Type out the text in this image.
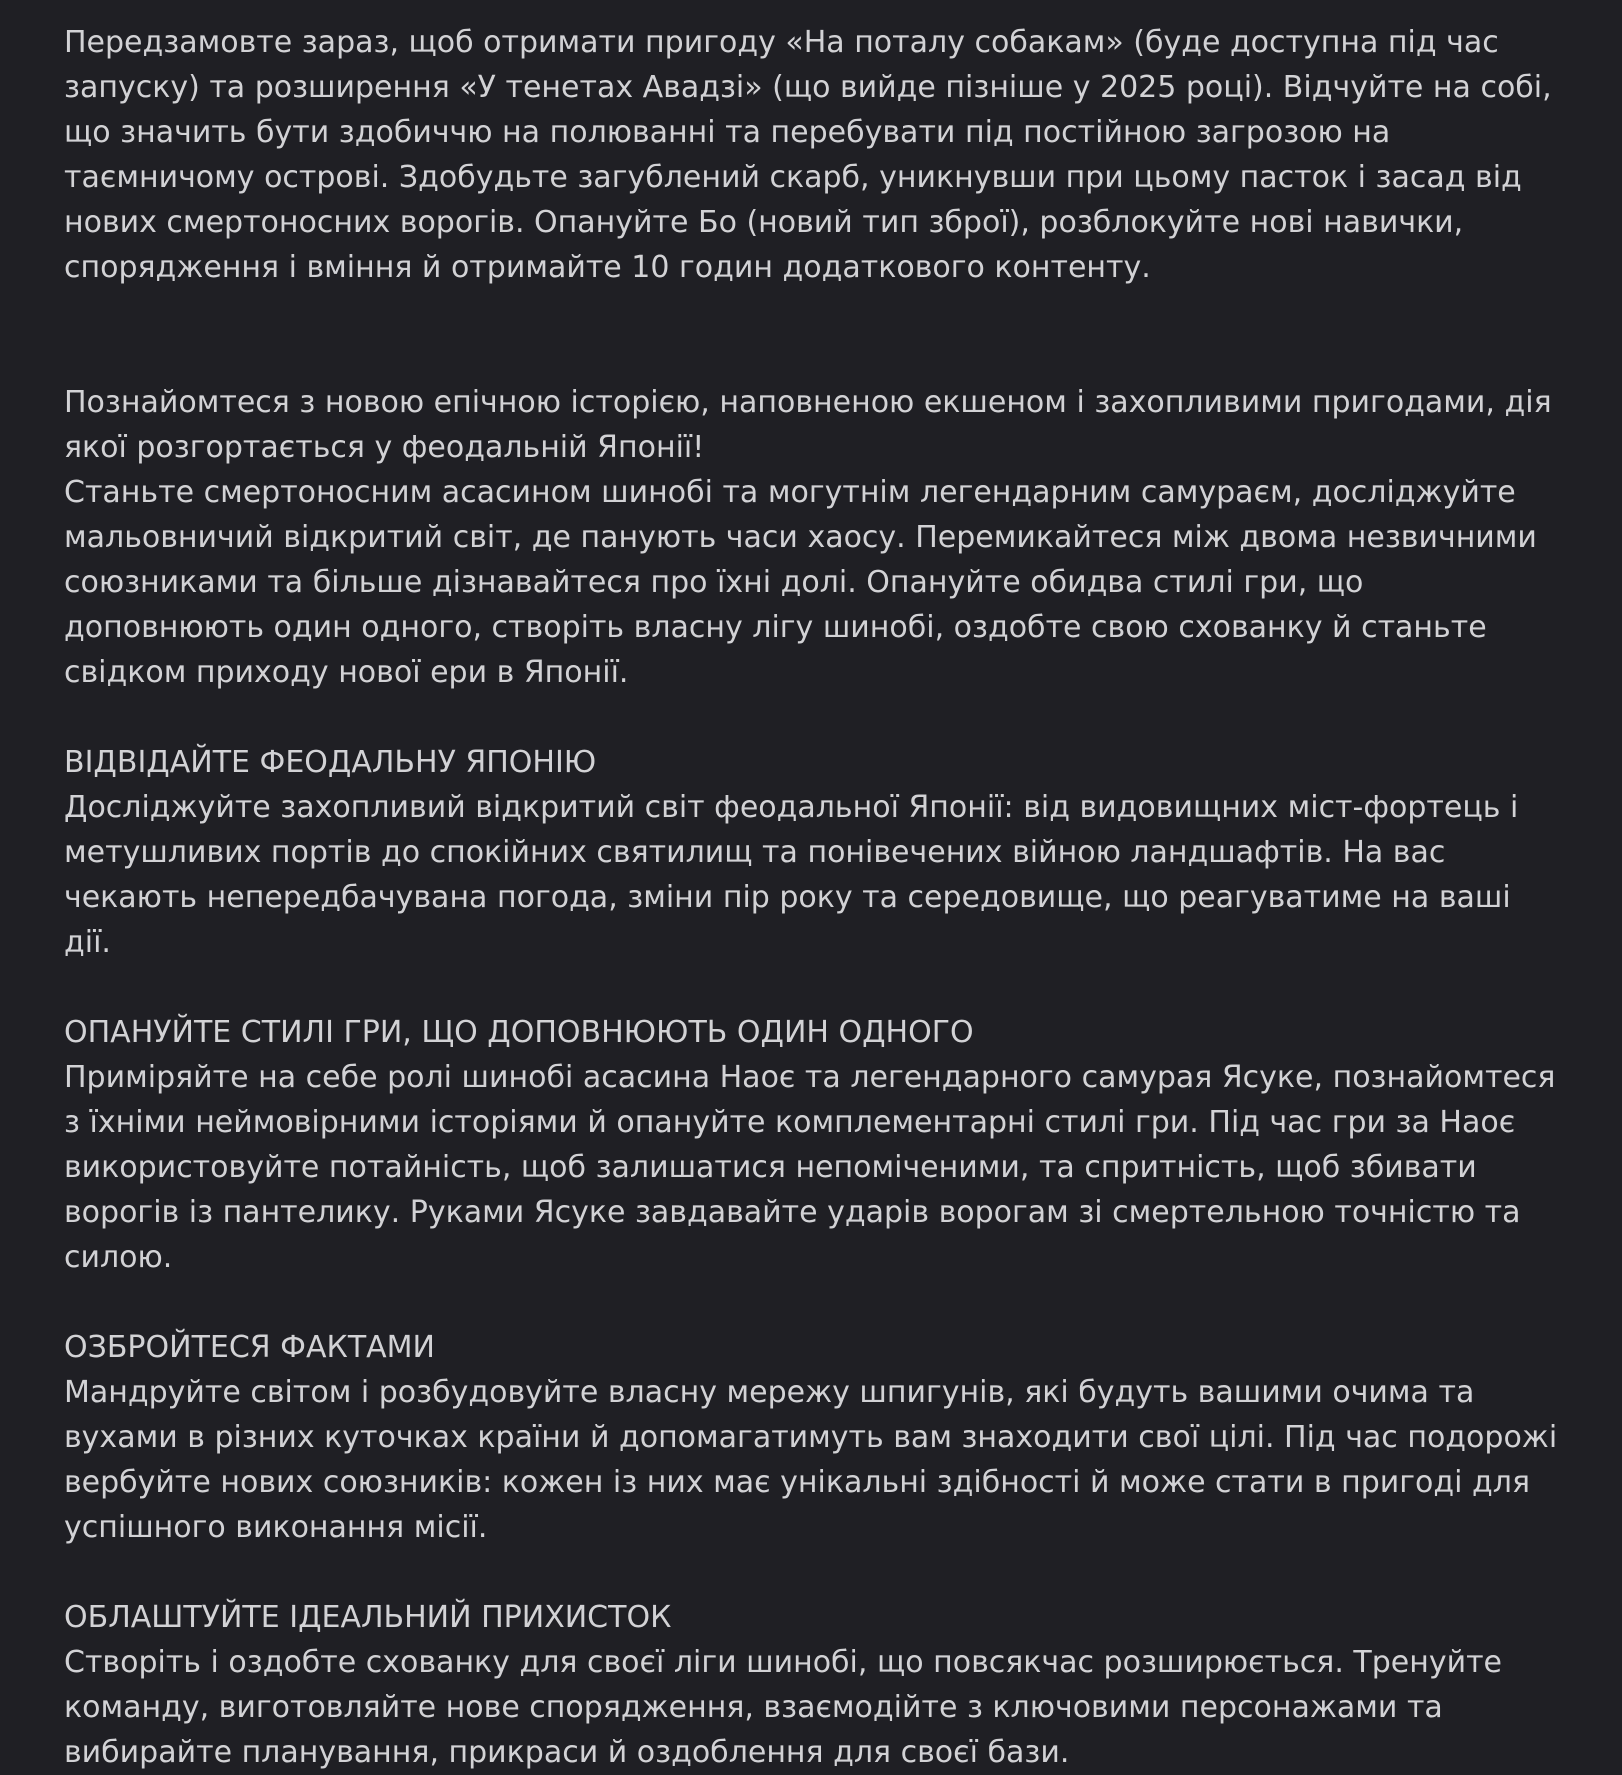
Передзамовте зараз, щоб отримати пригоду «На поталу собакам» (буде доступна під час запуску) та розширення «У тенетах Авадзі» (що вийде пізніше у 2025 році). Відчуйте на собі, що значить бути здобиччю на полюванні та перебувати під постійною загрозою на таємничому острові. Здобудьте загублений скарб, уникнувши при цьому пасток і засад від нових смертоносних ворогів. Опануйте Бо (новий тип зброї), розблокуйте нові навички, спорядження і вміння й отримайте 10 годин додаткового контенту.

Познайомтеся з новою епічною історією, наповненою екшеном і захопливими пригодами, дія якої розгортається у феодальній Японії!

Станьте смертоносним асасином шинобі та могутнім легендарним самураєм, досліджуйте мальовничий відкритий світ, де панують часи хаосу. Перемикайтеся між двома незвичними союзниками та більше дізнавайтеся про їхні долі. Опануйте обидва стилі гри, що доповнюють один одного, створіть власну лігу шинобі, оздобте свою схованку й станьте свідком приходу нової ери в Японії.

ВІДВІДАЙТЕ ФЕОДАЛЬНУ ЯПОНІЮ

Досліджуйте захопливий відкритий світ феодальної Японії: від видовищних міст-фортець і метушливих портів до спокійних святилищ та понівечених війною ландшафтів. На вас чекають непередбачувана погода, зміни пір року та середовище, що реагуватиме на ваші дії.

ОПАНУЙТЕ СТИЛІ ГРИ, ЩО ДОПОВНЮЮТЬ ОДИН ОДНОГО

Приміряйте на себе ролі шинобі асасина Наоє та легендарного самурая Ясуке, познайомтеся з їхніми неймовірними історіями й опануйте комплементарні стилі гри. Під час гри за Наоє використовуйте потайність, щоб залишатися непоміченими, та спритність, щоб збивати ворогів із пантелику. Руками Ясуке завдавайте ударів ворогам зі смертельною точністю та силою.

ОЗБРОЙТЕСЯ ФАКТАМИ

Мандруйте світом і розбудовуйте власну мережу шпигунів, які будуть вашими очима та вухами в різних куточках країни й допомагатимуть вам знаходити свої цілі. Під час подорожі вербуйте нових союзників: кожен із них має унікальні здібності й може стати в пригоді для успішного виконання місії.

ОБЛАШТУЙТЕ ІДЕАЛЬНИЙ ПРИХИСТОК

Створіть і оздобте схованку для своєї ліги шинобі, що повсякчас розширюється. Тренуйте команду, виготовляйте нове спорядження, взаємодійте з ключовими персонажами та вибирайте планування, прикраси й оздоблення для своєї бази.
